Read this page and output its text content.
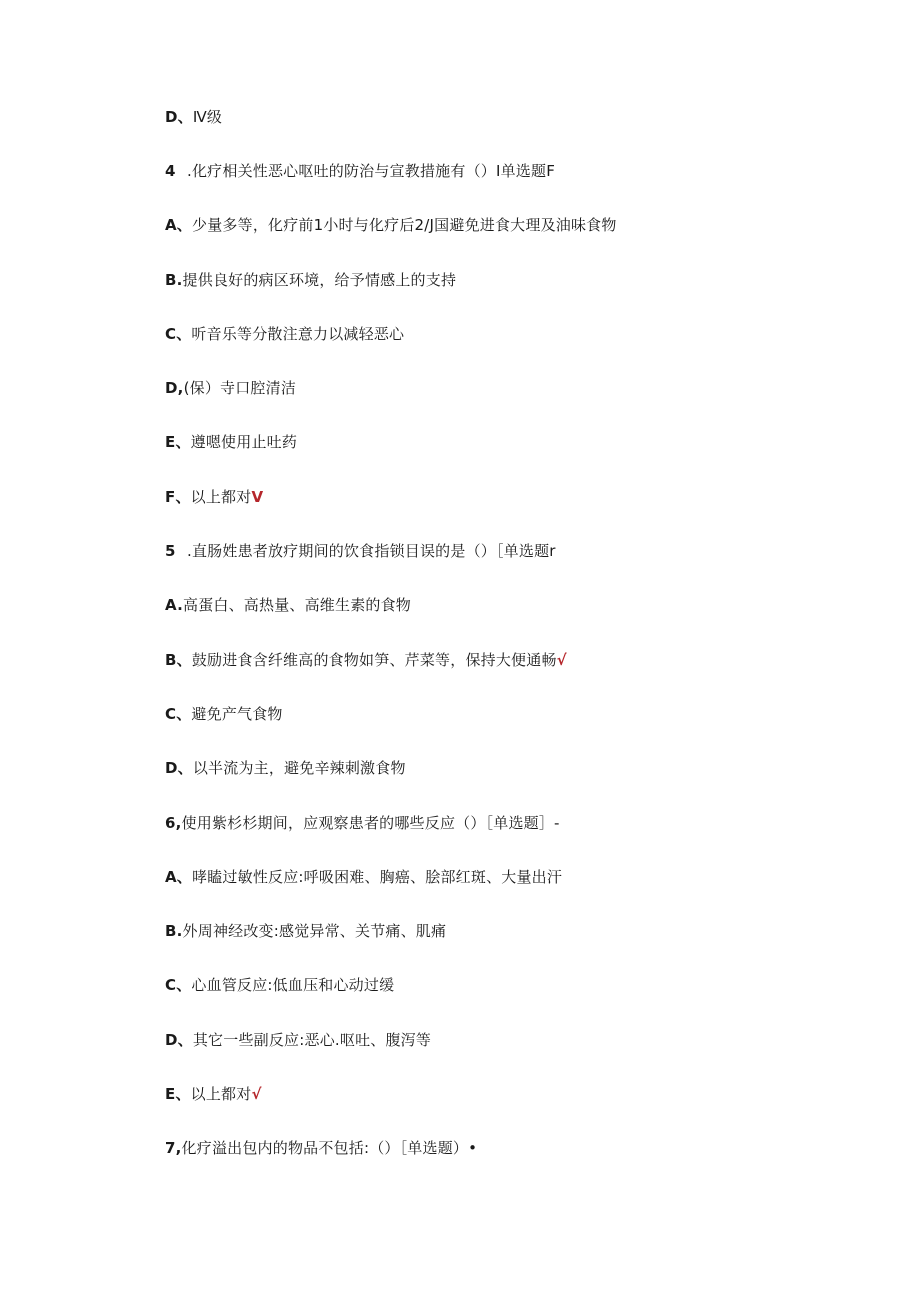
D、Ⅳ级
4 .化疗相关性恶心呕吐的防治与宣教措施有（）I单选题F
A、少量多等，化疗前1小时与化疗后2/J国避免进食大理及油味食物
B.提供良好的病区环境，给予情感上的支持
C、听音乐等分散注意力以减轻恶心
D,(保）寺口腔清洁
E、遵嗯使用止吐药
F、以上都对V
5 .直肠姓患者放疗期间的饮食指锁目误的是（）［单选题r
A.高蛋白、高热量、高维生素的食物
B、鼓励进食含纤维高的食物如笋、芹菜等，保持大便通畅√
C、避免产气食物
D、以半流为主，避免辛辣刺激食物
6,使用紫杉杉期间，应观察患者的哪些反应（）［单选题］-
A、哮瞌过敏性反应:呼吸困难、胸癌、脍部红斑、大量出汗
B.外周神经改变:感觉异常、关节痛、肌痛
C、心血管反应:低血压和心动过缓
D、其它一些副反应:恶心.呕吐、腹泻等
E、以上都对√
7,化疗溢出包内的物品不包括:（）［单选题）•
